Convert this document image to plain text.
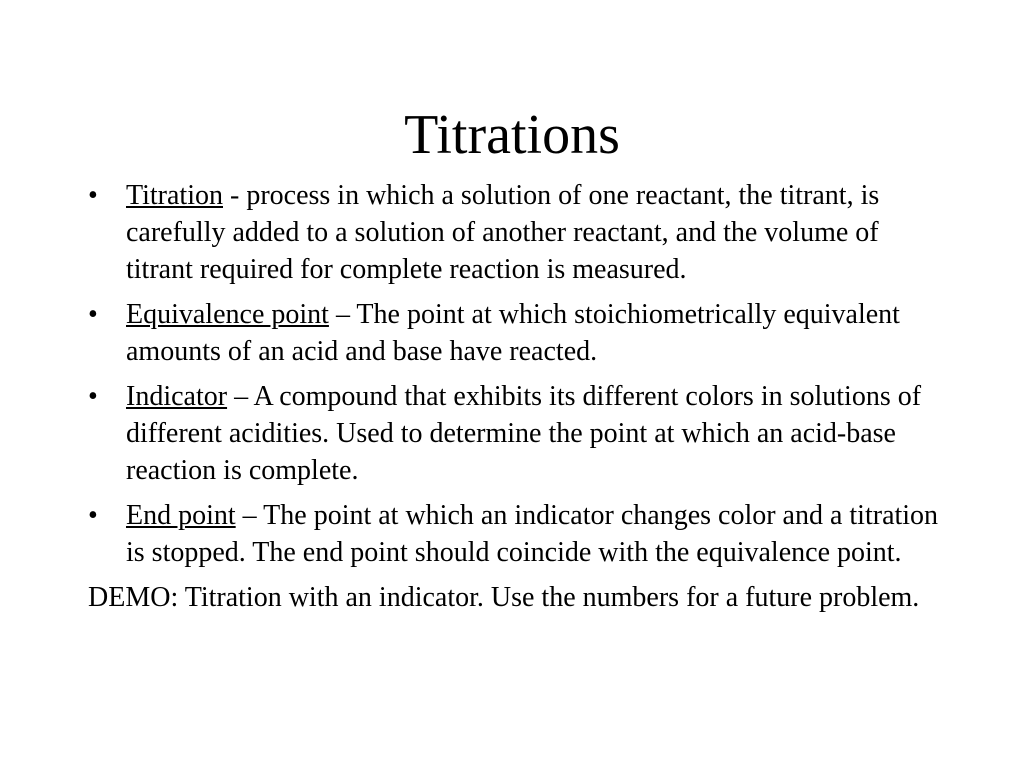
Titrations
•	Titration - process in which a solution of one reactant, the titrant, is carefully added to a solution of another reactant, and the volume of titrant required for complete reaction is measured.
•	Equivalence point – The point at which stoichiometrically equivalent amounts of an acid and base have reacted.
•	Indicator – A compound that exhibits its different colors in solutions of different acidities. Used to determine the point at which an acid-base reaction is complete.
•	End point – The point at which an indicator changes color and a titration is stopped. The end point should coincide with the equivalence point.
DEMO: Titration with an indicator. Use the numbers for a future problem.
